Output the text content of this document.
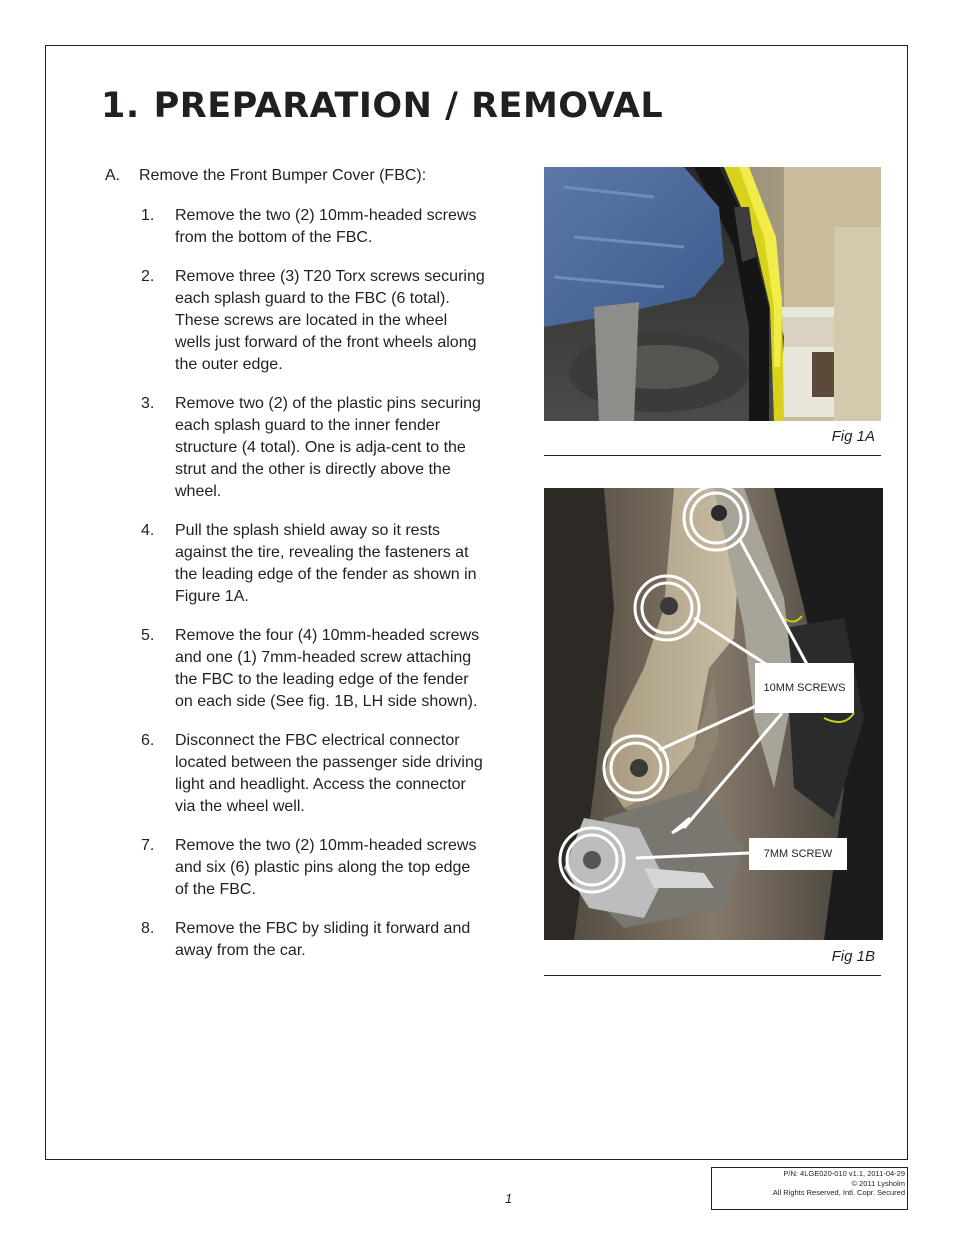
1. PREPARATION / REMOVAL
A.	Remove the Front Bumper Cover (FBC):
1.	Remove the two (2) 10mm-headed screws from the bottom of the FBC.
2.	Remove three (3) T20 Torx screws securing each splash guard to the FBC (6 total). These screws are located in the wheel wells just forward of the front wheels along the outer edge.
3.	Remove two (2) of the plastic pins securing each splash guard to the inner fender structure (4 total). One is adja-cent to the strut and the other is directly above the wheel.
4.	Pull the splash shield away so it rests against the tire, revealing the fasteners at the leading edge of the fender as shown in Figure 1A.
5.	Remove the four (4) 10mm-headed screws and one (1) 7mm-headed screw attaching the FBC to the leading edge of the fender on each side (See fig. 1B, LH side shown).
6.	Disconnect the FBC electrical connector located between the passenger side driving light and headlight. Access the connector via the wheel well.
7.	Remove the two (2) 10mm-headed screws and six (6) plastic pins along the top edge of the FBC.
8.	Remove the FBC by sliding it forward and away from the car.
Fig 1A
10MM SCREWS
7MM SCREW
Fig 1B
1
P/N: 4LGE020-010 v1.1, 2011-04-29
© 2011 Lysholm
All Rights Reserved, Intl. Copr. Secured
